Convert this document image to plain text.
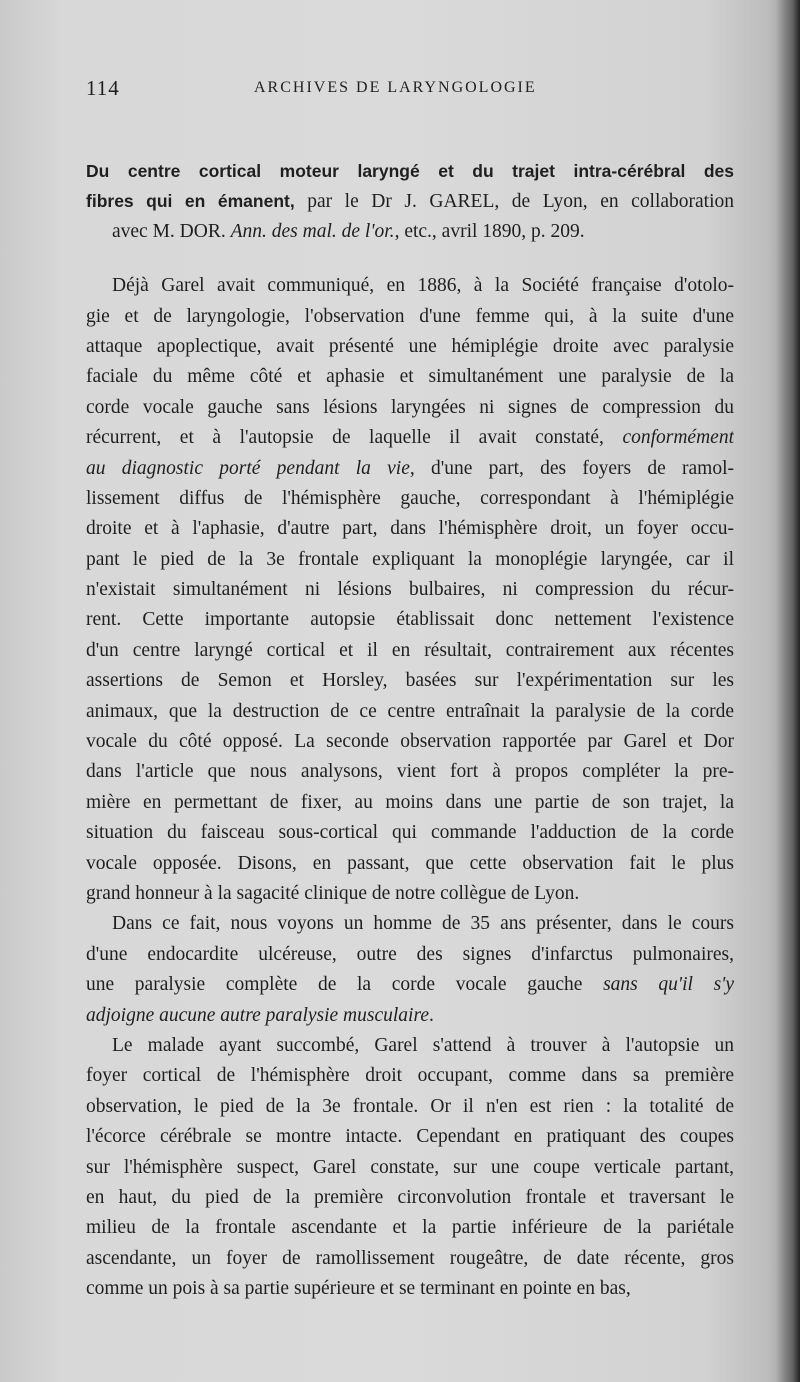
114	ARCHIVES DE LARYNGOLOGIE
Du centre cortical moteur laryngé et du trajet intra-cérébral des
fibres qui en émanent, par le Dr J. GAREL, de Lyon, en collaboration
avec M. DOR. Ann. des mal. de l'or., etc., avril 1890, p. 209.
Déjà Garel avait communiqué, en 1886, à la Société française d'otolo-
gie et de laryngologie, l'observation d'une femme qui, à la suite d'une
attaque apoplectique, avait présenté une hémiplégie droite avec paralysie
faciale du même côté et aphasie et simultanément une paralysie de la
corde vocale gauche sans lésions laryngées ni signes de compression du
récurrent, et à l'autopsie de laquelle il avait constaté, conformément
au diagnostic porté pendant la vie, d'une part, des foyers de ramol-
lissement diffus de l'hémisphère gauche, correspondant à l'hémiplégie
droite et à l'aphasie, d'autre part, dans l'hémisphère droit, un foyer occu-
pant le pied de la 3e frontale expliquant la monoplégie laryngée, car il
n'existait simultanément ni lésions bulbaires, ni compression du récur-
rent. Cette importante autopsie établissait donc nettement l'existence
d'un centre laryngé cortical et il en résultait, contrairement aux récentes
assertions de Semon et Horsley, basées sur l'expérimentation sur les
animaux, que la destruction de ce centre entraînait la paralysie de la corde
vocale du côté opposé. La seconde observation rapportée par Garel et Dor
dans l'article que nous analysons, vient fort à propos compléter la pre-
mière en permettant de fixer, au moins dans une partie de son trajet, la
situation du faisceau sous-cortical qui commande l'adduction de la corde
vocale opposée. Disons, en passant, que cette observation fait le plus
grand honneur à la sagacité clinique de notre collègue de Lyon.
Dans ce fait, nous voyons un homme de 35 ans présenter, dans le cours
d'une endocardite ulcéreuse, outre des signes d'infarctus pulmonaires,
une paralysie complète de la corde vocale gauche sans qu'il s'y
adjoigne aucune autre paralysie musculaire.
Le malade ayant succombé, Garel s'attend à trouver à l'autopsie un
foyer cortical de l'hémisphère droit occupant, comme dans sa première
observation, le pied de la 3e frontale. Or il n'en est rien : la totalité de
l'écorce cérébrale se montre intacte. Cependant en pratiquant des coupes
sur l'hémisphère suspect, Garel constate, sur une coupe verticale partant,
en haut, du pied de la première circonvolution frontale et traversant le
milieu de la frontale ascendante et la partie inférieure de la pariétale
ascendante, un foyer de ramollissement rougeâtre, de date récente, gros
comme un pois à sa partie supérieure et se terminant en pointe en bas,
